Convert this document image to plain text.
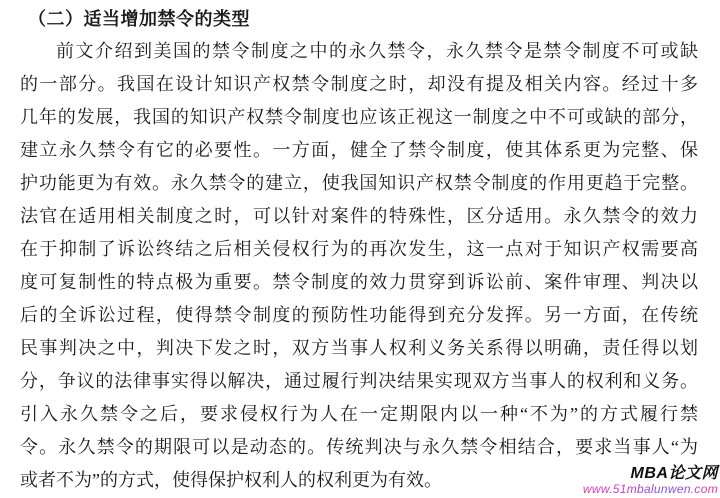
（二）适当增加禁令的类型
前文介绍到美国的禁令制度之中的永久禁令，永久禁令是禁令制度不可或缺
的一部分。我国在设计知识产权禁令制度之时，却没有提及相关内容。经过十多
几年的发展，我国的知识产权禁令制度也应该正视这一制度之中不可或缺的部分，
建立永久禁令有它的必要性。一方面，健全了禁令制度，使其体系更为完整、保
护功能更为有效。永久禁令的建立，使我国知识产权禁令制度的作用更趋于完整。
法官在适用相关制度之时，可以针对案件的特殊性，区分适用。永久禁令的效力
在于抑制了诉讼终结之后相关侵权行为的再次发生，这一点对于知识产权需要高
度可复制性的特点极为重要。禁令制度的效力贯穿到诉讼前、案件审理、判决以
后的全诉讼过程，使得禁令制度的预防性功能得到充分发挥。另一方面，在传统
民事判决之中，判决下发之时，双方当事人权利义务关系得以明确，责任得以划
分，争议的法律事实得以解决，通过履行判决结果实现双方当事人的权利和义务。
引入永久禁令之后，要求侵权行为人在一定期限内以一种“不为”的方式履行禁
令。永久禁令的期限可以是动态的。传统判决与永久禁令相结合，要求当事人“为
或者不为”的方式，使得保护权利人的权利更为有效。	MBA论文网
www.51mbalunwen.com
